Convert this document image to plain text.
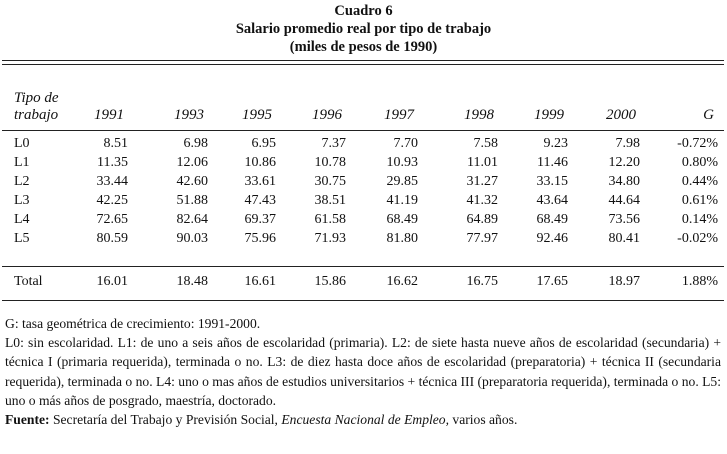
Cuadro 6
Salario promedio real por tipo de trabajo
(miles de pesos de 1990)
Tipo de
trabajo	1991	1993	1995	1996	1997	1998	1999	2000	G

L0	8.51	6.98	6.95	7.37	7.70	7.58	9.23	7.98	-0.72%
L1	11.35	12.06	10.86	10.78	10.93	11.01	11.46	12.20	0.80%
L2	33.44	42.60	33.61	30.75	29.85	31.27	33.15	34.80	0.44%
L3	42.25	51.88	47.43	38.51	41.19	41.32	43.64	44.64	0.61%
L4	72.65	82.64	69.37	61.58	68.49	64.89	68.49	73.56	0.14%
L5	80.59	90.03	75.96	71.93	81.80	77.97	92.46	80.41	-0.02%

Total	16.01	18.48	16.61	15.86	16.62	16.75	17.65	18.97	1.88%

G: tasa geométrica de crecimiento: 1991-2000.

L0: sin escolaridad. L1: de uno a seis años de escolaridad (primaria). L2: de siete hasta nueve años de escolaridad (secundaria) + técnica I (primaria requerida), terminada o no. L3: de diez hasta doce años de escolaridad (preparatoria) + técnica II (secundaria requerida), terminada o no. L4: uno o mas años de estudios universitarios + técnica III (preparatoria requerida), terminada o no. L5: uno o más años de posgrado, maestría, doctorado.

Fuente: Secretaría del Trabajo y Previsión Social, Encuesta Nacional de Empleo, varios años.
